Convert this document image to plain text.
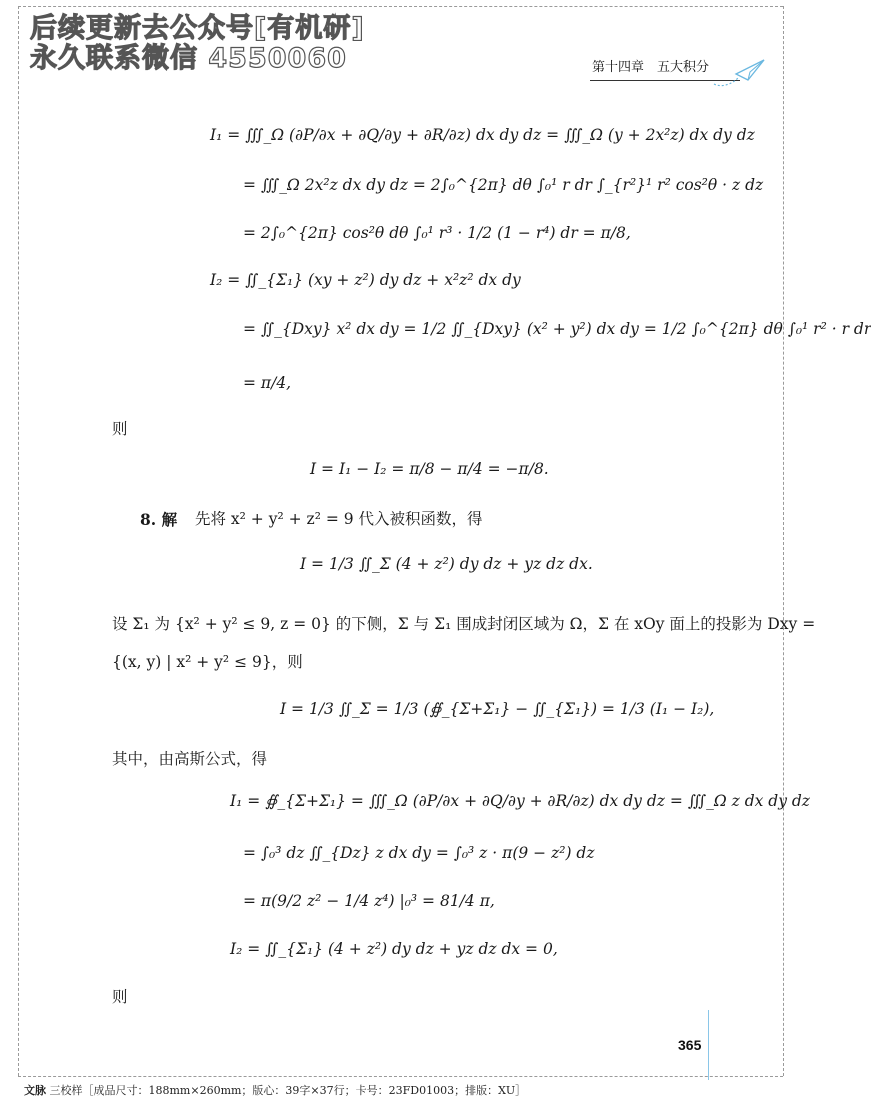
后续更新去公众号[有机研]
永久联系微信 4550060	第十四章　五大积分
I₁ = ∭_Ω (∂P/∂x + ∂Q/∂y + ∂R/∂z) dx dy dz = ∭_Ω (y + 2x²z) dx dy dz
= ∭_Ω 2x²z dx dy dz = 2∫₀^{2π} dθ ∫₀¹ r dr ∫_{r²}¹ r² cos²θ · z dz
= 2∫₀^{2π} cos²θ dθ ∫₀¹ r³ · 1/2 (1 − r⁴) dr = π/8,
I₂ = ∬_{Σ₁} (xy + z²) dy dz + x²z² dx dy
= ∬_{Dxy} x² dx dy = 1/2 ∬_{Dxy} (x² + y²) dx dy = 1/2 ∫₀^{2π} dθ ∫₀¹ r² · r dr
= π/4,
则
I = I₁ − I₂ = π/8 − π/4 = −π/8.
8. 解 先将 x² + y² + z² = 9 代入被积函数，得
I = 1/3 ∬_Σ (4 + z²) dy dz + yz dz dx.
设 Σ₁ 为 {x² + y² ≤ 9, z = 0} 的下侧，Σ 与 Σ₁ 围成封闭区域为 Ω，Σ 在 xOy 面上的投影为 Dxy =
{(x, y) | x² + y² ≤ 9}，则
I = 1/3 ∬_Σ = 1/3 (∯_{Σ+Σ₁} − ∬_{Σ₁}) = 1/3 (I₁ − I₂),
其中，由高斯公式，得
I₁ = ∯_{Σ+Σ₁} = ∭_Ω (∂P/∂x + ∂Q/∂y + ∂R/∂z) dx dy dz = ∭_Ω z dx dy dz
= ∫₀³ dz ∬_{Dz} z dx dy = ∫₀³ z · π(9 − z²) dz
= π(9/2 z² − 1/4 z⁴) |₀³ = 81/4 π,
I₂ = ∬_{Σ₁} (4 + z²) dy dz + yz dz dx = 0,
则
365
文脉 三校样［成品尺寸：188mm×260mm；版心：39字×37行；卡号：23FD01003；排版：XU］
